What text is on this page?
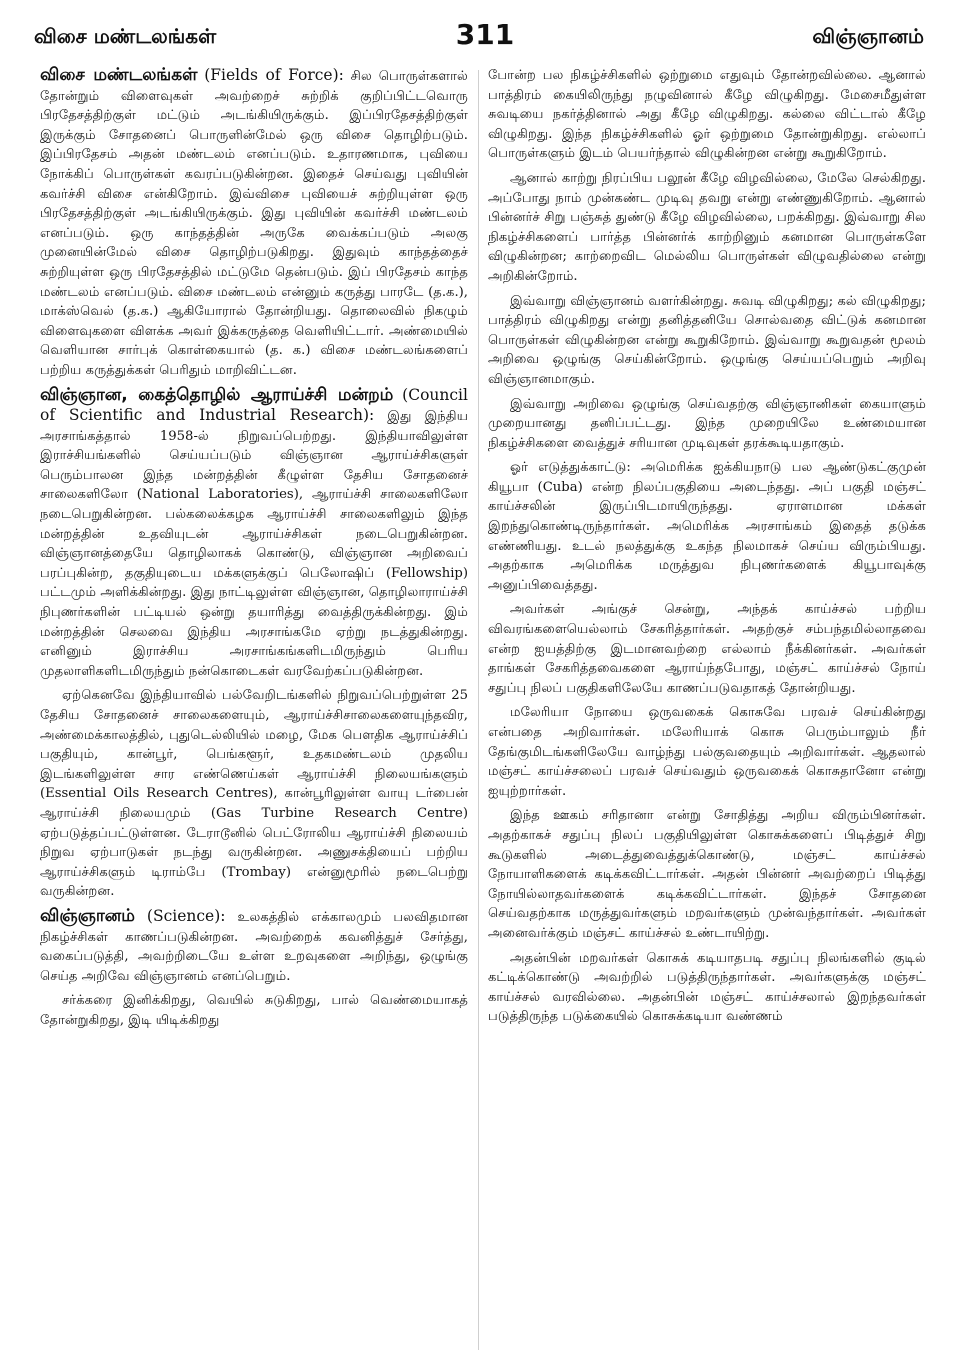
விசை மண்டலங்கள்	311	விஞ்ஞானம்

விசை மண்டலங்கள் (Fields of Force): சில பொருள்களால் தோன்றும் விளைவுகள் அவற்றைச் சுற்றிக் குறிப்பிட்டவொரு பிரதேசத்திற்குள் மட்டும் அடங்கியிருக்கும். இப்பிரதேசத்திற்குள் இருக்கும் சோதனைப் பொருளின்மேல் ஒரு விசை தொழிற்படும். இப்பிரதேசம் அதன் மண்டலம் எனப்படும். உதாரணமாக, புவியை நோக்கிப் பொருள்கள் கவரப்படுகின்றன. இதைச் செய்வது புவியின் கவர்ச்சி விசை என்கிறோம். இவ்விசை புவியைச் சுற்றியுள்ள ஒரு பிரதேசத்திற்குள் அடங்கியிருக்கும். இது புவியின் கவர்ச்சி மண்டலம் எனப்படும். ஒரு காந்தத்தின் அருகே வைக்கப்படும் அலகு முனையின்மேல் விசை தொழிற்படுகிறது. இதுவும் காந்தத்தைச் சுற்றியுள்ள ஒரு பிரதேசத்தில் மட்டுமே தென்படும். இப் பிரதேசம் காந்த மண்டலம் எனப்படும். விசை மண்டலம் என்னும் கருத்து பாரடே (த.க.), மாக்ஸ்வெல் (த.க.) ஆகியோரால் தோன்றியது. தொலைவில் நிகழும் விளைவுகளை விளக்க அவர் இக்கருத்தை வெளியிட்டார். அண்மையில் வெளியான சார்புக் கொள்கையால் (த. க.) விசை மண்டலங்களைப் பற்றிய கருத்துக்கள் பெரிதும் மாறிவிட்டன.

விஞ்ஞான, கைத்தொழில் ஆராய்ச்சி மன்றம் (Council of Scientific and Industrial Research): இது இந்திய அரசாங்கத்தால் 1958-ல் நிறுவப்பெற்றது. இந்தியாவிலுள்ள இராச்சியங்களில் செய்யப்படும் விஞ்ஞான ஆராய்ச்சிகளுள் பெரும்பாலன இந்த மன்றத்தின் கீழுள்ள தேசிய சோதனைச் சாலைகளிலோ (National Laboratories), ஆராய்ச்சி சாலைகளிலோ நடைபெறுகின்றன. பல்கலைக்கழக ஆராய்ச்சி சாலைகளிலும் இந்த மன்றத்தின் உதவியுடன் ஆராய்ச்சிகள் நடைபெறுகின்றன. விஞ்ஞானத்தையே தொழிலாகக் கொண்டு, விஞ்ஞான அறிவைப் பரப்புகின்ற, தகுதியுடைய மக்களுக்குப் பெலோஷிப் (Fellowship) பட்டமும் அளிக்கின்றது. இது நாட்டிலுள்ள விஞ்ஞான, தொழிலாராய்ச்சி நிபுணர்களின் பட்டியல் ஒன்று தயாரித்து வைத்திருக்கின்றது. இம் மன்றத்தின் செலவை இந்திய அரசாங்கமே ஏற்று நடத்துகின்றது. எனினும் இராச்சிய அரசாங்கங்களிடமிருந்தும் பெரிய முதலாளிகளிடமிருந்தும் நன்கொடைகள் வரவேற்கப்படுகின்றன.

ஏற்கெனவே இந்தியாவில் பல்வேறிடங்களில் நிறுவப்பெற்றுள்ள 25 தேசிய சோதனைச் சாலைகளையும், ஆராய்ச்சிசாலைகளையுந்தவிர, அண்மைக்காலத்தில், புதுடெல்லியில் மழை, மேக பௌதிக ஆராய்ச்சிப் பகுதியும், கான்பூர், பெங்களூர், உதகமண்டலம் முதலிய இடங்களிலுள்ள சார எண்ணெய்கள் ஆராய்ச்சி நிலையங்களும் (Essential Oils Research Centres), கான்பூரிலுள்ள வாயு டர்பைன் ஆராய்ச்சி நிலையமும் (Gas Turbine Research Centre) ஏற்படுத்தப்பட்டுள்ளன. டேராடூனில் பெட்ரோலிய ஆராய்ச்சி நிலையம் நிறுவ ஏற்பாடுகள் நடந்து வருகின்றன. அணுசக்தியைப் பற்றிய ஆராய்ச்சிகளும் டிராம்பே (Trombay) என்னுமூரில் நடைபெற்று வருகின்றன.

விஞ்ஞானம் (Science): உலகத்தில் எக்காலமும் பலவிதமான நிகழ்ச்சிகள் காணப்படுகின்றன. அவற்றைக் கவனித்துச் சேர்த்து, வகைப்படுத்தி, அவற்றிடையே உள்ள உறவுகளை அறிந்து, ஒழுங்கு செய்த அறிவே விஞ்ஞானம் எனப்பெறும்.

சர்க்கரை இனிக்கிறது, வெயில் சுடுகிறது, பால் வெண்மையாகத் தோன்றுகிறது, இடி யிடிக்கிறது

போன்ற பல நிகழ்ச்சிகளில் ஒற்றுமை எதுவும் தோன்றவில்லை. ஆனால் பாத்திரம் கையிலிருந்து நழுவினால் கீழே விழுகிறது. மேசைமீதுள்ள சுவடியை நகர்த்தினால் அது கீழே விழுகிறது. கல்லை விட்டால் கீழே விழுகிறது. இந்த நிகழ்ச்சிகளில் ஓர் ஒற்றுமை தோன்றுகிறது. எல்லாப் பொருள்களும் இடம் பெயர்ந்தால் விழுகின்றன என்று கூறுகிறோம்.

ஆனால் காற்று நிரப்பிய பலூன் கீழே விழவில்லை, மேலே செல்கிறது. அப்போது நாம் முன்கண்ட முடிவு தவறு என்று எண்ணுகிறோம். ஆனால் பின்னர்ச் சிறு பஞ்சுத் துண்டு கீழே விழவில்லை, பறக்கிறது. இவ்வாறு சில நிகழ்ச்சிகளைப் பார்த்த பின்னர்க் காற்றினும் கனமான பொருள்களே விழுகின்றன; காற்றைவிட மெல்லிய பொருள்கள் விழுவதில்லை என்று அறிகின்றோம்.

இவ்வாறு விஞ்ஞானம் வளர்கின்றது. சுவடி விழுகிறது; கல் விழுகிறது; பாத்திரம் விழுகிறது என்று தனித்தனியே சொல்வதை விட்டுக் கனமான பொருள்கள் விழுகின்றன என்று கூறுகிறோம். இவ்வாறு கூறுவதன் மூலம் அறிவை ஒழுங்கு செய்கின்றோம். ஒழுங்கு செய்யப்பெறும் அறிவு விஞ்ஞானமாகும்.

இவ்வாறு அறிவை ஒழுங்கு செய்வதற்கு விஞ்ஞானிகள் கையாளும் முறையானது தனிப்பட்டது. இந்த முறையிலே உண்மையான நிகழ்ச்சிகளை வைத்துச் சரியான முடிவுகள் தரக்கூடியதாகும்.

ஓர் எடுத்துக்காட்டு: அமெரிக்க ஐக்கியநாடு பல ஆண்டுகட்குமுன் கியூபா (Cuba) என்ற நிலப்பகுதியை அடைந்தது. அப் பகுதி மஞ்சட் காய்ச்சலின் இருப்பிடமாயிருந்தது. ஏராளமான மக்கள் இறந்துகொண்டிருந்தார்கள். அமெரிக்க அரசாங்கம் இதைத் தடுக்க எண்ணியது. உடல் நலத்துக்கு உகந்த நிலமாகச் செய்ய விரும்பியது. அதற்காக அமெரிக்க மருத்துவ நிபுணர்களைக் கியூபாவுக்கு அனுப்பிவைத்தது.

அவர்கள் அங்குச் சென்று, அந்தக் காய்ச்சல் பற்றிய விவரங்களையெல்லாம் சேகரித்தார்கள். அதற்குச் சம்பந்தமில்லாதவை என்ற ஐயத்திற்கு இடமானவற்றை எல்லாம் நீக்கினர்கள். அவர்கள் தாங்கள் சேகரித்தவைகளை ஆராய்ந்தபோது, மஞ்சட் காய்ச்சல் நோய் சதுப்பு நிலப் பகுதிகளிலேயே காணப்படுவதாகத் தோன்றியது.

மலேரியா நோயை ஒருவகைக் கொசுவே பரவச் செய்கின்றது என்பதை அறிவார்கள். மலேரியாக் கொசு பெரும்பாலும் நீர் தேங்குமிடங்களிலேயே வாழ்ந்து பல்குவதையும் அறிவார்கள். ஆதலால் மஞ்சட் காய்ச்சலைப் பரவச் செய்வதும் ஒருவகைக் கொசுதானோ என்று ஐயுற்றார்கள்.

இந்த ஊகம் சரிதானா என்று சோதித்து அறிய விரும்பினர்கள். அதற்காகச் சதுப்பு நிலப் பகுதியிலுள்ள கொசுக்களைப் பிடித்துச் சிறு கூடுகளில் அடைத்துவைத்துக்கொண்டு, மஞ்சட் காய்ச்சல் நோயாளிகளைக் கடிக்கவிட்டார்கள். அதன் பின்னர் அவற்றைப் பிடித்து நோயில்லாதவர்களைக் கடிக்கவிட்டார்கள். இந்தச் சோதனை செய்வதற்காக மருத்துவர்களும் மறவர்களும் முன்வந்தார்கள். அவர்கள் அனைவர்க்கும் மஞ்சட் காய்ச்சல் உண்டாயிற்று.

அதன்பின் மறவர்கள் கொசுக் கடியாதபடி சதுப்பு நிலங்களில் குடில் கட்டிக்கொண்டு அவற்றில் படுத்திருந்தார்கள். அவர்களுக்கு மஞ்சட் காய்ச்சல் வரவில்லை. அதன்பின் மஞ்சட் காய்ச்சலால் இறந்தவர்கள் படுத்திருந்த படுக்கையில் கொசுக்கடியா வண்ணம்
